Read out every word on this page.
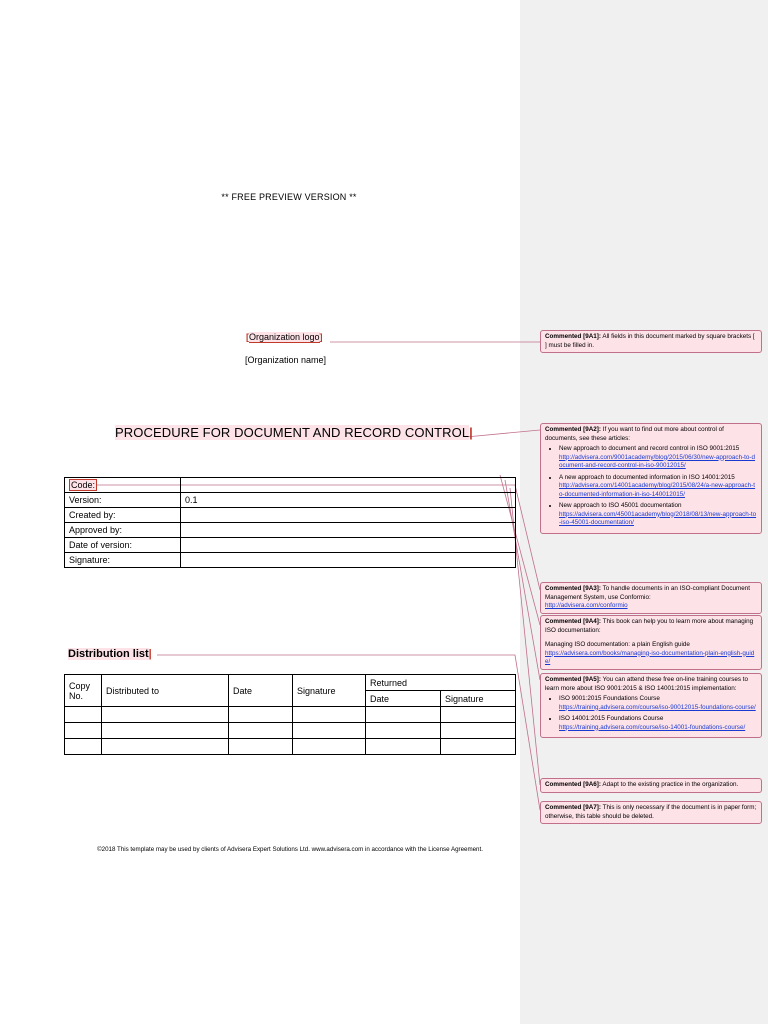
** FREE PREVIEW VERSION **
[Organization logo]
[Organization name]
PROCEDURE FOR DOCUMENT AND RECORD CONTROL|
Code:	
Version:	0.1
Created by:	
Approved by:	
Date of version:	
Signature:	
Distribution list|
Copy No.	Distributed to	Date	Signature	Returned	
				Date	Signature

©2018 This template may be used by clients of Advisera Expert Solutions Ltd. www.advisera.com in accordance with the License Agreement.
Commented [9A1]: All fields in this document marked by square brackets [ ] must be filled in.
Commented [9A2]: If you want to find out more about control of documents, see these articles:
• New approach to document and record control in ISO 9001:2015
http://advisera.com/9001academy/blog/2015/06/30/new-approach-to-document-and-record-control-in-iso-90012015/
• A new approach to documented information in ISO 14001:2015
http://advisera.com/14001academy/blog/2015/08/24/a-new-approach-to-documented-information-in-iso-140012015/
• New approach to ISO 45001 documentation
https://advisera.com/45001academy/blog/2018/08/13/new-approach-to-iso-45001-documentation/
Commented [9A3]: To handle documents in an ISO-compliant Document Management System, use Conformio:
http://advisera.com/conformio
Commented [9A4]: This book can help you to learn more about managing ISO documentation:
Managing ISO documentation: a plain English guide
https://advisera.com/books/managing-iso-documentation-plain-english-guide/
Commented [9A5]: You can attend these free on-line training courses to learn more about ISO 9001:2015 & ISO 14001:2015 implementation:
• ISO 9001:2015 Foundations Course
https://training.advisera.com/course/iso-90012015-foundations-course/
• ISO 14001:2015 Foundations Course
https://training.advisera.com/course/iso-14001-foundations-course/
Commented [9A6]: Adapt to the existing practice in the organization.
Commented [9A7]: This is only necessary if the document is in paper form; otherwise, this table should be deleted.
